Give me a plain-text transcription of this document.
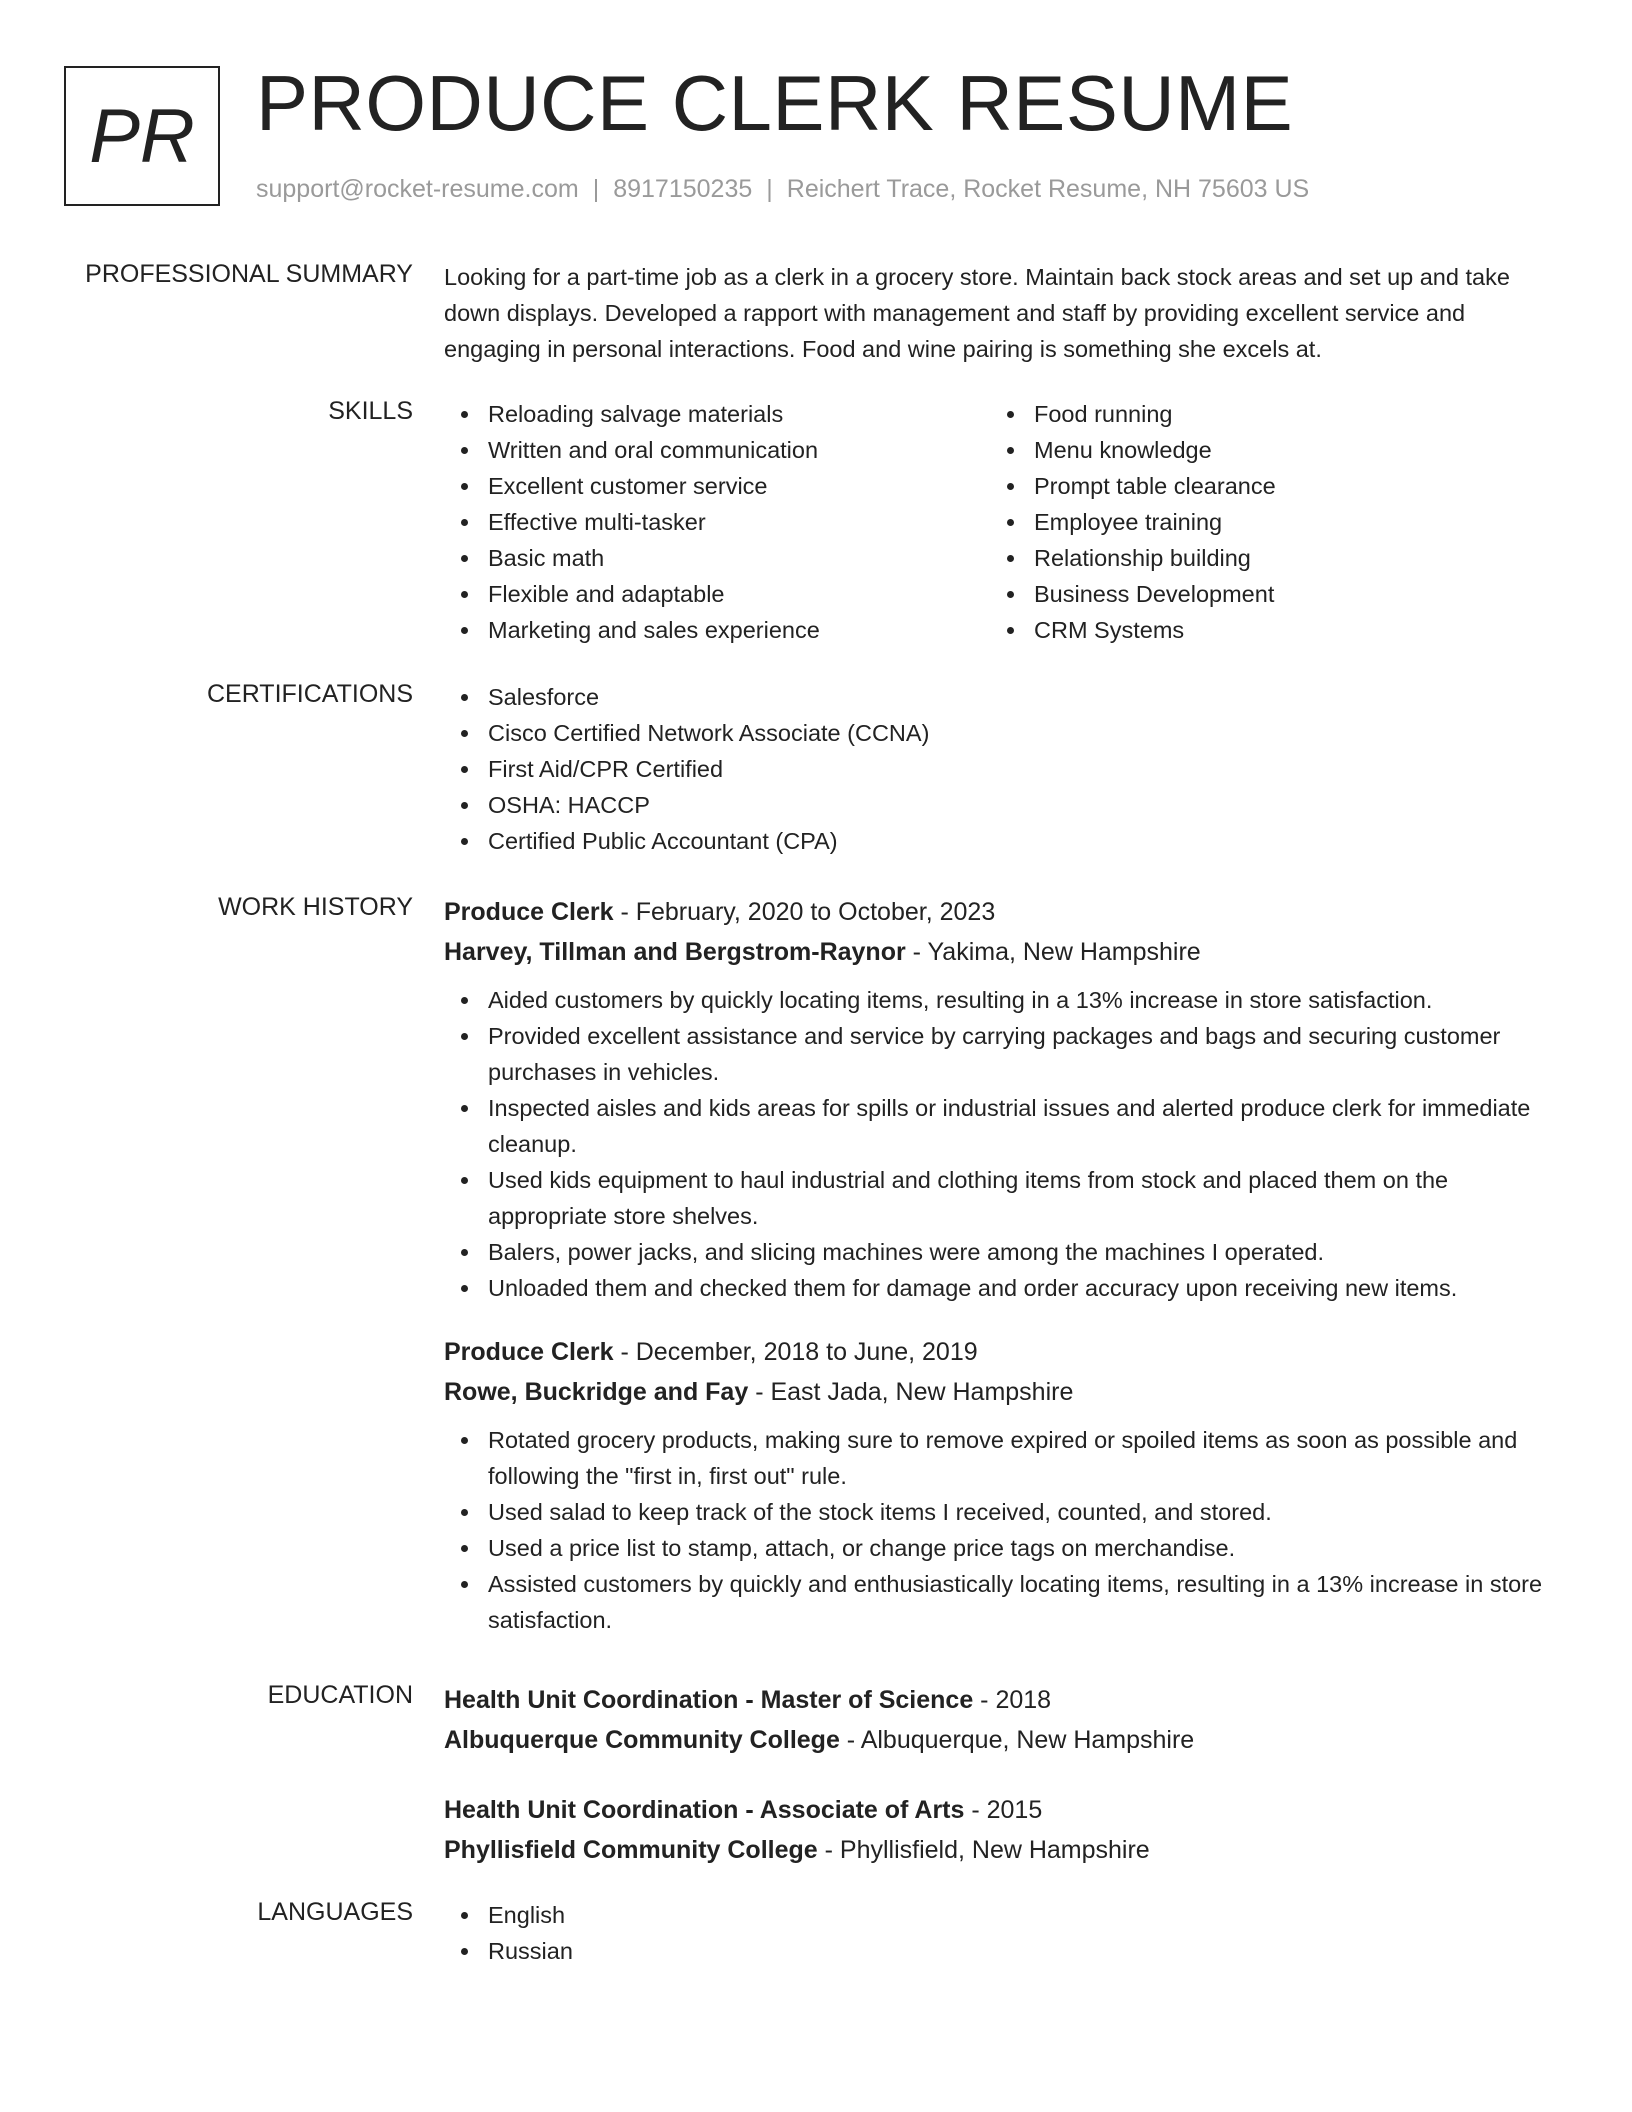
PR PRODUCE CLERK RESUME
support@rocket-resume.com | 8917150235 | Reichert Trace, Rocket Resume, NH 75603 US
PROFESSIONAL SUMMARY Looking for a part-time job as a clerk in a grocery store. Maintain back stock areas and set up and take down displays. Developed a rapport with management and staff by providing excellent service and engaging in personal interactions. Food and wine pairing is something she excels at.
SKILLS	Reloading salvage materials
Written and oral communication
Excellent customer service
Effective multi-tasker
Basic math
Flexible and adaptable
Marketing and sales experience
Food running
Menu knowledge
Prompt table clearance
Employee training
Relationship building
Business Development
CRM Systems
CERTIFICATIONS	Salesforce
Cisco Certified Network Associate (CCNA)
First Aid/CPR Certified
OSHA: HACCP
Certified Public Accountant (CPA)
WORK HISTORY Produce Clerk - February, 2020 to October, 2023
Harvey, Tillman and Bergstrom-Raynor - Yakima, New Hampshire
Aided customers by quickly locating items, resulting in a 13% increase in store satisfaction.
Provided excellent assistance and service by carrying packages and bags and securing customer purchases in vehicles.
Inspected aisles and kids areas for spills or industrial issues and alerted produce clerk for immediate cleanup.
Used kids equipment to haul industrial and clothing items from stock and placed them on the appropriate store shelves.
Balers, power jacks, and slicing machines were among the machines I operated.
Unloaded them and checked them for damage and order accuracy upon receiving new items.
Produce Clerk - December, 2018 to June, 2019
Rowe, Buckridge and Fay - East Jada, New Hampshire
Rotated grocery products, making sure to remove expired or spoiled items as soon as possible and following the "first in, first out" rule.
Used salad to keep track of the stock items I received, counted, and stored.
Used a price list to stamp, attach, or change price tags on merchandise.
Assisted customers by quickly and enthusiastically locating items, resulting in a 13% increase in store satisfaction.
EDUCATION Health Unit Coordination - Master of Science - 2018
Albuquerque Community College - Albuquerque, New Hampshire
Health Unit Coordination - Associate of Arts - 2015
Phyllisfield Community College - Phyllisfield, New Hampshire
LANGUAGES	English
Russian
